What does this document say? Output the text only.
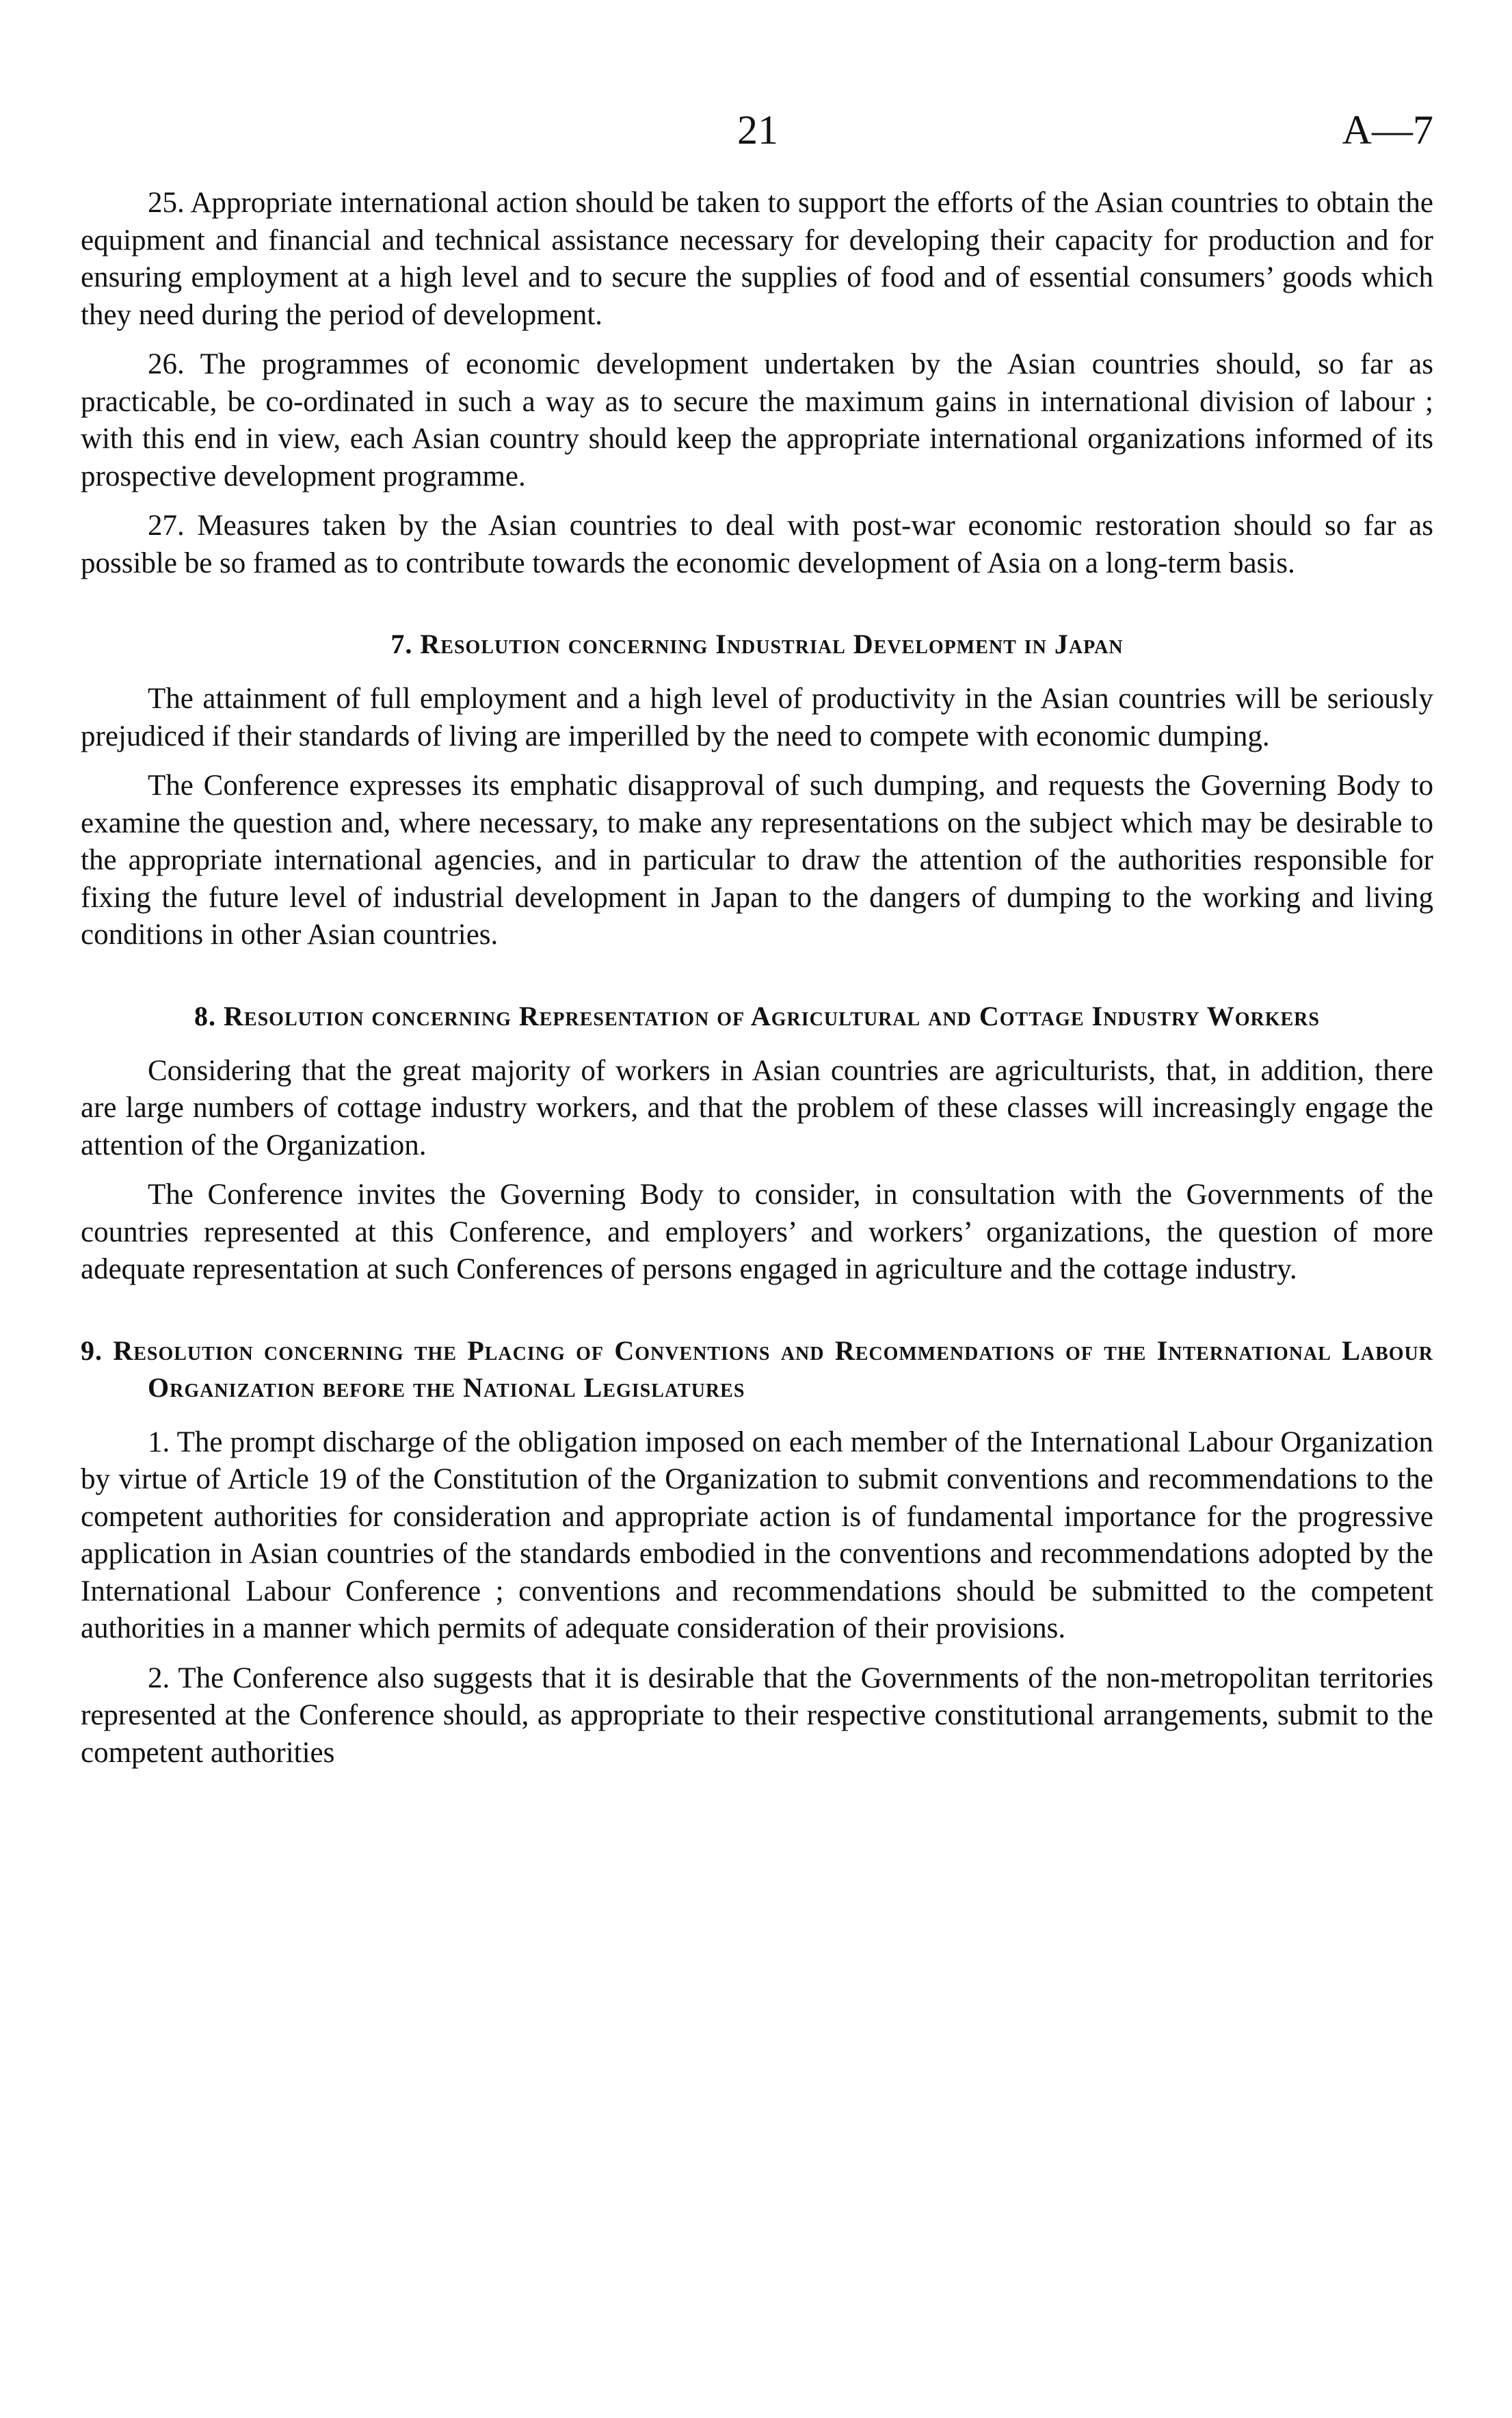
21	A—7

25. Appropriate international action should be taken to support the efforts of the Asian countries to obtain the equipment and financial and technical assistance necessary for developing their capacity for production and for ensuring employment at a high level and to secure the supplies of food and of essential consumers’ goods which they need during the period of development.

26. The programmes of economic development undertaken by the Asian countries should, so far as practicable, be co-ordinated in such a way as to secure the maximum gains in international division of labour ; with this end in view, each Asian country should keep the appropriate international organizations informed of its prospective development programme.

27. Measures taken by the Asian countries to deal with post-war economic restoration should so far as possible be so framed as to contribute towards the economic development of Asia on a long-term basis.

7. Resolution concerning Industrial Development in Japan

The attainment of full employment and a high level of productivity in the Asian countries will be seriously prejudiced if their standards of living are imperilled by the need to compete with economic dumping.

The Conference expresses its emphatic disapproval of such dumping, and requests the Governing Body to examine the question and, where necessary, to make any representations on the subject which may be desirable to the appropriate international agencies, and in particular to draw the attention of the authorities responsible for fixing the future level of industrial development in Japan to the dangers of dumping to the working and living conditions in other Asian countries.

8. Resolution concerning Representation of Agricultural and Cottage Industry Workers

Considering that the great majority of workers in Asian countries are agriculturists, that, in addition, there are large numbers of cottage industry workers, and that the problem of these classes will increasingly engage the attention of the Organization.

The Conference invites the Governing Body to consider, in consultation with the Governments of the countries represented at this Conference, and employers’ and workers’ organizations, the question of more adequate representation at such Conferences of persons engaged in agriculture and the cottage industry.

9. Resolution concerning the Placing of Conventions and Recommendations of the International Labour Organization before the National Legislatures

1. The prompt discharge of the obligation imposed on each member of the International Labour Organization by virtue of Article 19 of the Constitution of the Organization to submit conventions and recommendations to the competent authorities for consideration and appropriate action is of fundamental importance for the progressive application in Asian countries of the standards embodied in the conventions and recommendations adopted by the International Labour Conference ; conventions and recommendations should be submitted to the competent authorities in a manner which permits of adequate consideration of their provisions.

2. The Conference also suggests that it is desirable that the Governments of the non-metropolitan territories represented at the Conference should, as appropriate to their respective constitutional arrangements, submit to the competent authorities
